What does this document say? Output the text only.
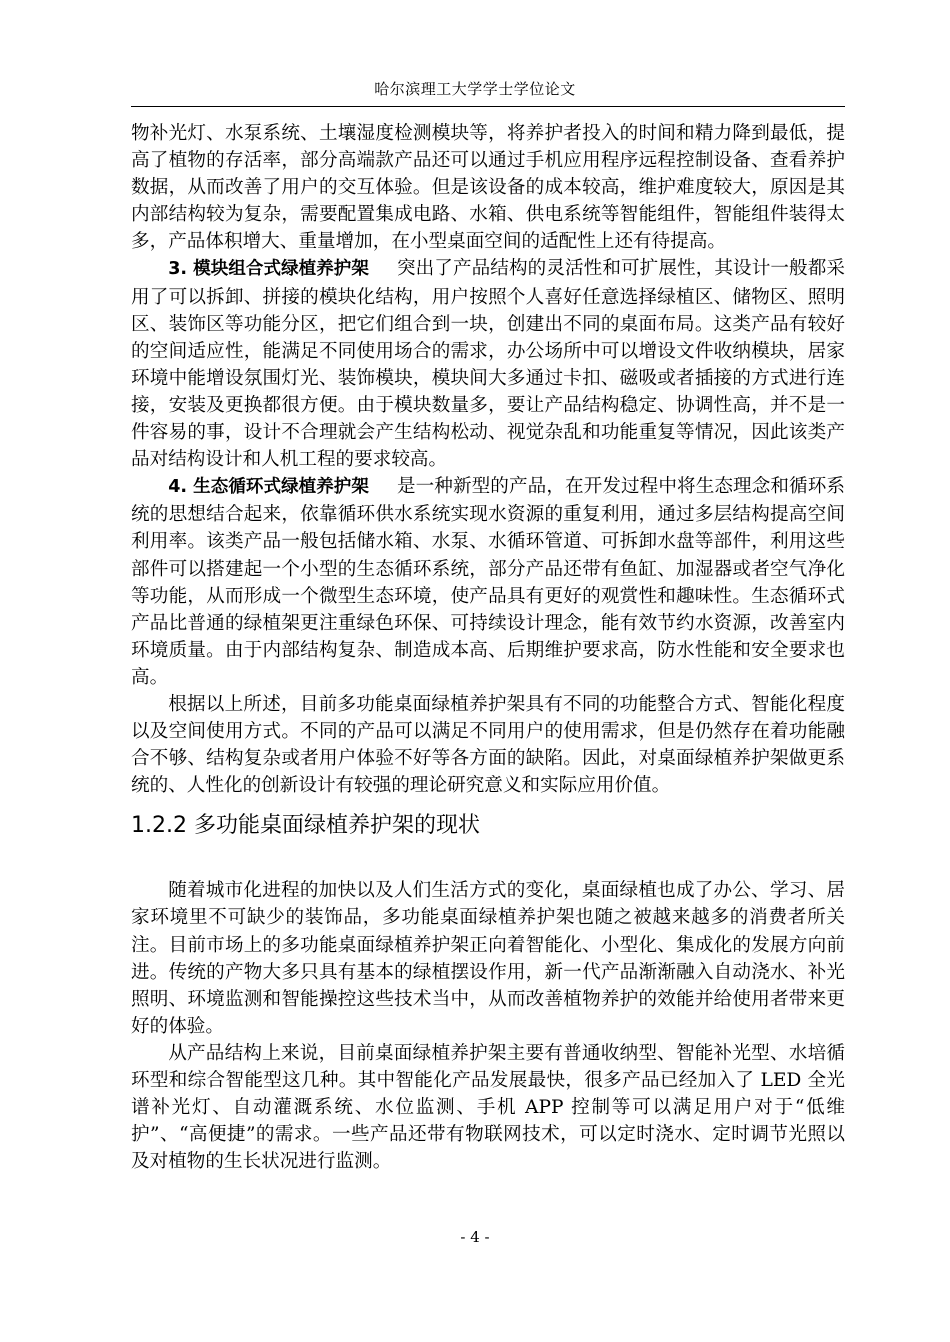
哈尔滨理工大学学士学位论文

物补光灯、水泵系统、土壤湿度检测模块等，将养护者投入的时间和精力降到最低，提高了植物的存活率，部分高端款产品还可以通过手机应用程序远程控制设备、查看养护数据，从而改善了用户的交互体验。但是该设备的成本较高，维护难度较大，原因是其内部结构较为复杂，需要配置集成电路、水箱、供电系统等智能组件，智能组件装得太多，产品体积增大、重量增加，在小型桌面空间的适配性上还有待提高。

3. 模块组合式绿植养护架 突出了产品结构的灵活性和可扩展性，其设计一般都采用了可以拆卸、拼接的模块化结构，用户按照个人喜好任意选择绿植区、储物区、照明区、装饰区等功能分区，把它们组合到一块，创建出不同的桌面布局。这类产品有较好的空间适应性，能满足不同使用场合的需求，办公场所中可以增设文件收纳模块，居家环境中能增设氛围灯光、装饰模块，模块间大多通过卡扣、磁吸或者插接的方式进行连接，安装及更换都很方便。由于模块数量多，要让产品结构稳定、协调性高，并不是一件容易的事，设计不合理就会产生结构松动、视觉杂乱和功能重复等情况，因此该类产品对结构设计和人机工程的要求较高。

4. 生态循环式绿植养护架 是一种新型的产品，在开发过程中将生态理念和循环系统的思想结合起来，依靠循环供水系统实现水资源的重复利用，通过多层结构提高空间利用率。该类产品一般包括储水箱、水泵、水循环管道、可拆卸水盘等部件，利用这些部件可以搭建起一个小型的生态循环系统，部分产品还带有鱼缸、加湿器或者空气净化等功能，从而形成一个微型生态环境，使产品具有更好的观赏性和趣味性。生态循环式产品比普通的绿植架更注重绿色环保、可持续设计理念，能有效节约水资源，改善室内环境质量。由于内部结构复杂、制造成本高、后期维护要求高，防水性能和安全要求也高。

根据以上所述，目前多功能桌面绿植养护架具有不同的功能整合方式、智能化程度以及空间使用方式。不同的产品可以满足不同用户的使用需求，但是仍然存在着功能融合不够、结构复杂或者用户体验不好等各方面的缺陷。因此，对桌面绿植养护架做更系统的、人性化的创新设计有较强的理论研究意义和实际应用价值。

1.2.2 多功能桌面绿植养护架的现状

随着城市化进程的加快以及人们生活方式的变化，桌面绿植也成了办公、学习、居家环境里不可缺少的装饰品，多功能桌面绿植养护架也随之被越来越多的消费者所关注。目前市场上的多功能桌面绿植养护架正向着智能化、小型化、集成化的发展方向前进。传统的产物大多只具有基本的绿植摆设作用，新一代产品渐渐融入自动浇水、补光照明、环境监测和智能操控这些技术当中，从而改善植物养护的效能并给使用者带来更好的体验。

从产品结构上来说，目前桌面绿植养护架主要有普通收纳型、智能补光型、水培循环型和综合智能型这几种。其中智能化产品发展最快，很多产品已经加入了 LED 全光谱补光灯、自动灌溉系统、水位监测、手机 APP 控制等可以满足用户对于“低维护”、“高便捷”的需求。一些产品还带有物联网技术，可以定时浇水、定时调节光照以及对植物的生长状况进行监测。

- 4 -
